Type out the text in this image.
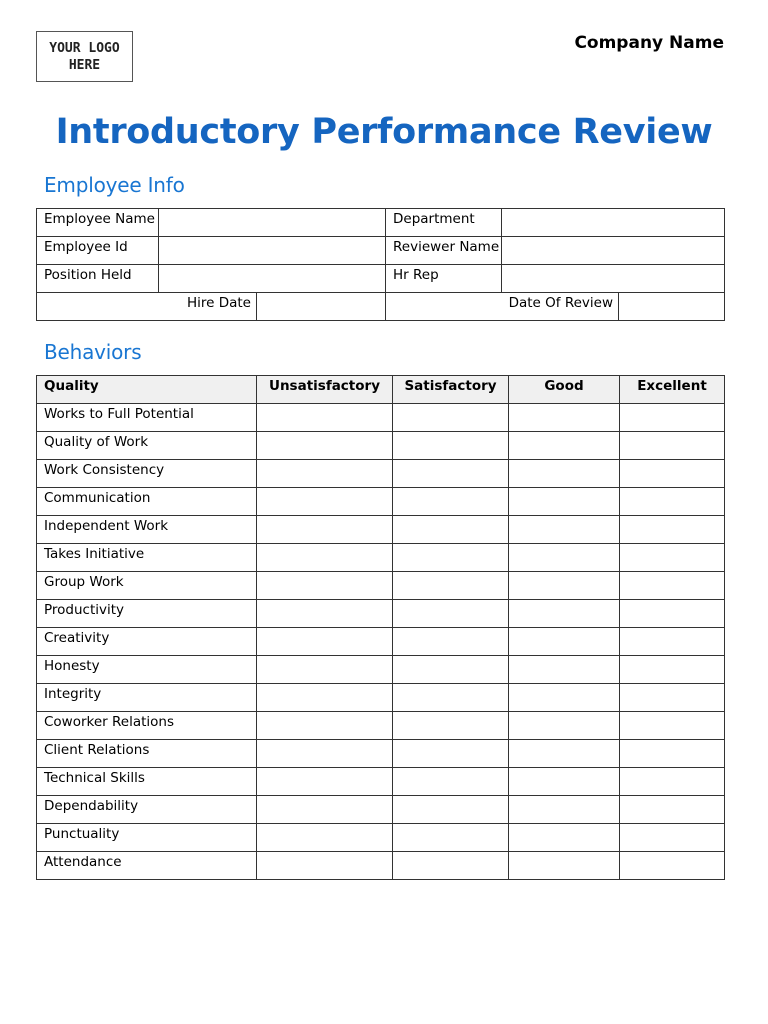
YOUR LOGO
HERE
Company Name
Introductory Performance Review
Employee Info
Employee Name			Department		
Employee Id			Reviewer Name		
Position Held			Hr Rep		
Hire Date			Date Of Review		
Behaviors
Quality	Unsatisfactory	Satisfactory	Good	Excellent
Works to Full Potential				
Quality of Work				
Work Consistency				
Communication				
Independent Work				
Takes Initiative				
Group Work				
Productivity				
Creativity				
Honesty				
Integrity				
Coworker Relations				
Client Relations				
Technical Skills				
Dependability				
Punctuality				
Attendance				
